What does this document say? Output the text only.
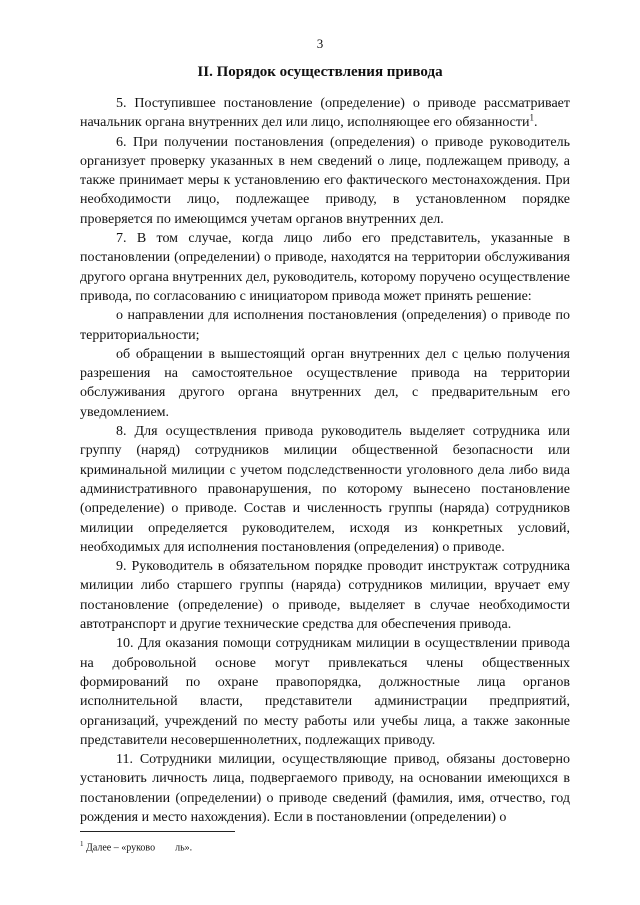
3
II. Порядок осуществления привода

5. Поступившее постановление (определение) о приводе рассматривает начальник органа внутренних дел или лицо, исполняющее его обязанности$^1$.

6. При получении постановления (определения) о приводе руководитель организует проверку указанных в нем сведений о лице, подлежащем приводу, а также принимает меры к установлению его фактического местонахождения. При необходимости лицо, подлежащее приводу, в установленном порядке проверяется по имеющимся учетам органов внутренних дел.

7. В том случае, когда лицо либо его представитель, указанные в постановлении (определении) о приводе, находятся на территории обслуживания другого органа внутренних дел, руководитель, которому поручено осуществление привода, по согласованию с инициатором привода может принять решение:

о направлении для исполнения постановления (определения) о приводе по территориальности;

об обращении в вышестоящий орган внутренних дел с целью получения разрешения на самостоятельное осуществление привода на территории обслуживания другого органа внутренних дел, с предварительным его уведомлением.

8. Для осуществления привода руководитель выделяет сотрудника или группу (наряд) сотрудников милиции общественной безопасности или криминальной милиции с учетом подследственности уголовного дела либо вида административного правонарушения, по которому вынесено постановление (определение) о приводе. Состав и численность группы (наряда) сотрудников милиции определяется руководителем, исходя из конкретных условий, необходимых для исполнения постановления (определения) о приводе.

9. Руководитель в обязательном порядке проводит инструктаж сотрудника милиции либо старшего группы (наряда) сотрудников милиции, вручает ему постановление (определение) о приводе, выделяет в случае необходимости автотранспорт и другие технические средства для обеспечения привода.

10. Для оказания помощи сотрудникам милиции в осуществлении привода на добровольной основе могут привлекаться члены общественных формирований по охране правопорядка, должностные лица органов исполнительной власти, представители администрации предприятий, организаций, учреждений по месту работы или учебы лица, а также законные представители несовершеннолетних, подлежащих приводу.

11. Сотрудники милиции, осуществляющие привод, обязаны достоверно установить личность лица, подвергаемого приводу, на основании имеющихся в постановлении (определении) о приводе сведений (фамилия, имя, отчество, год рождения и место нахождения). Если в постановлении (определении) о

$^1$ Далее – «руково        ль».
